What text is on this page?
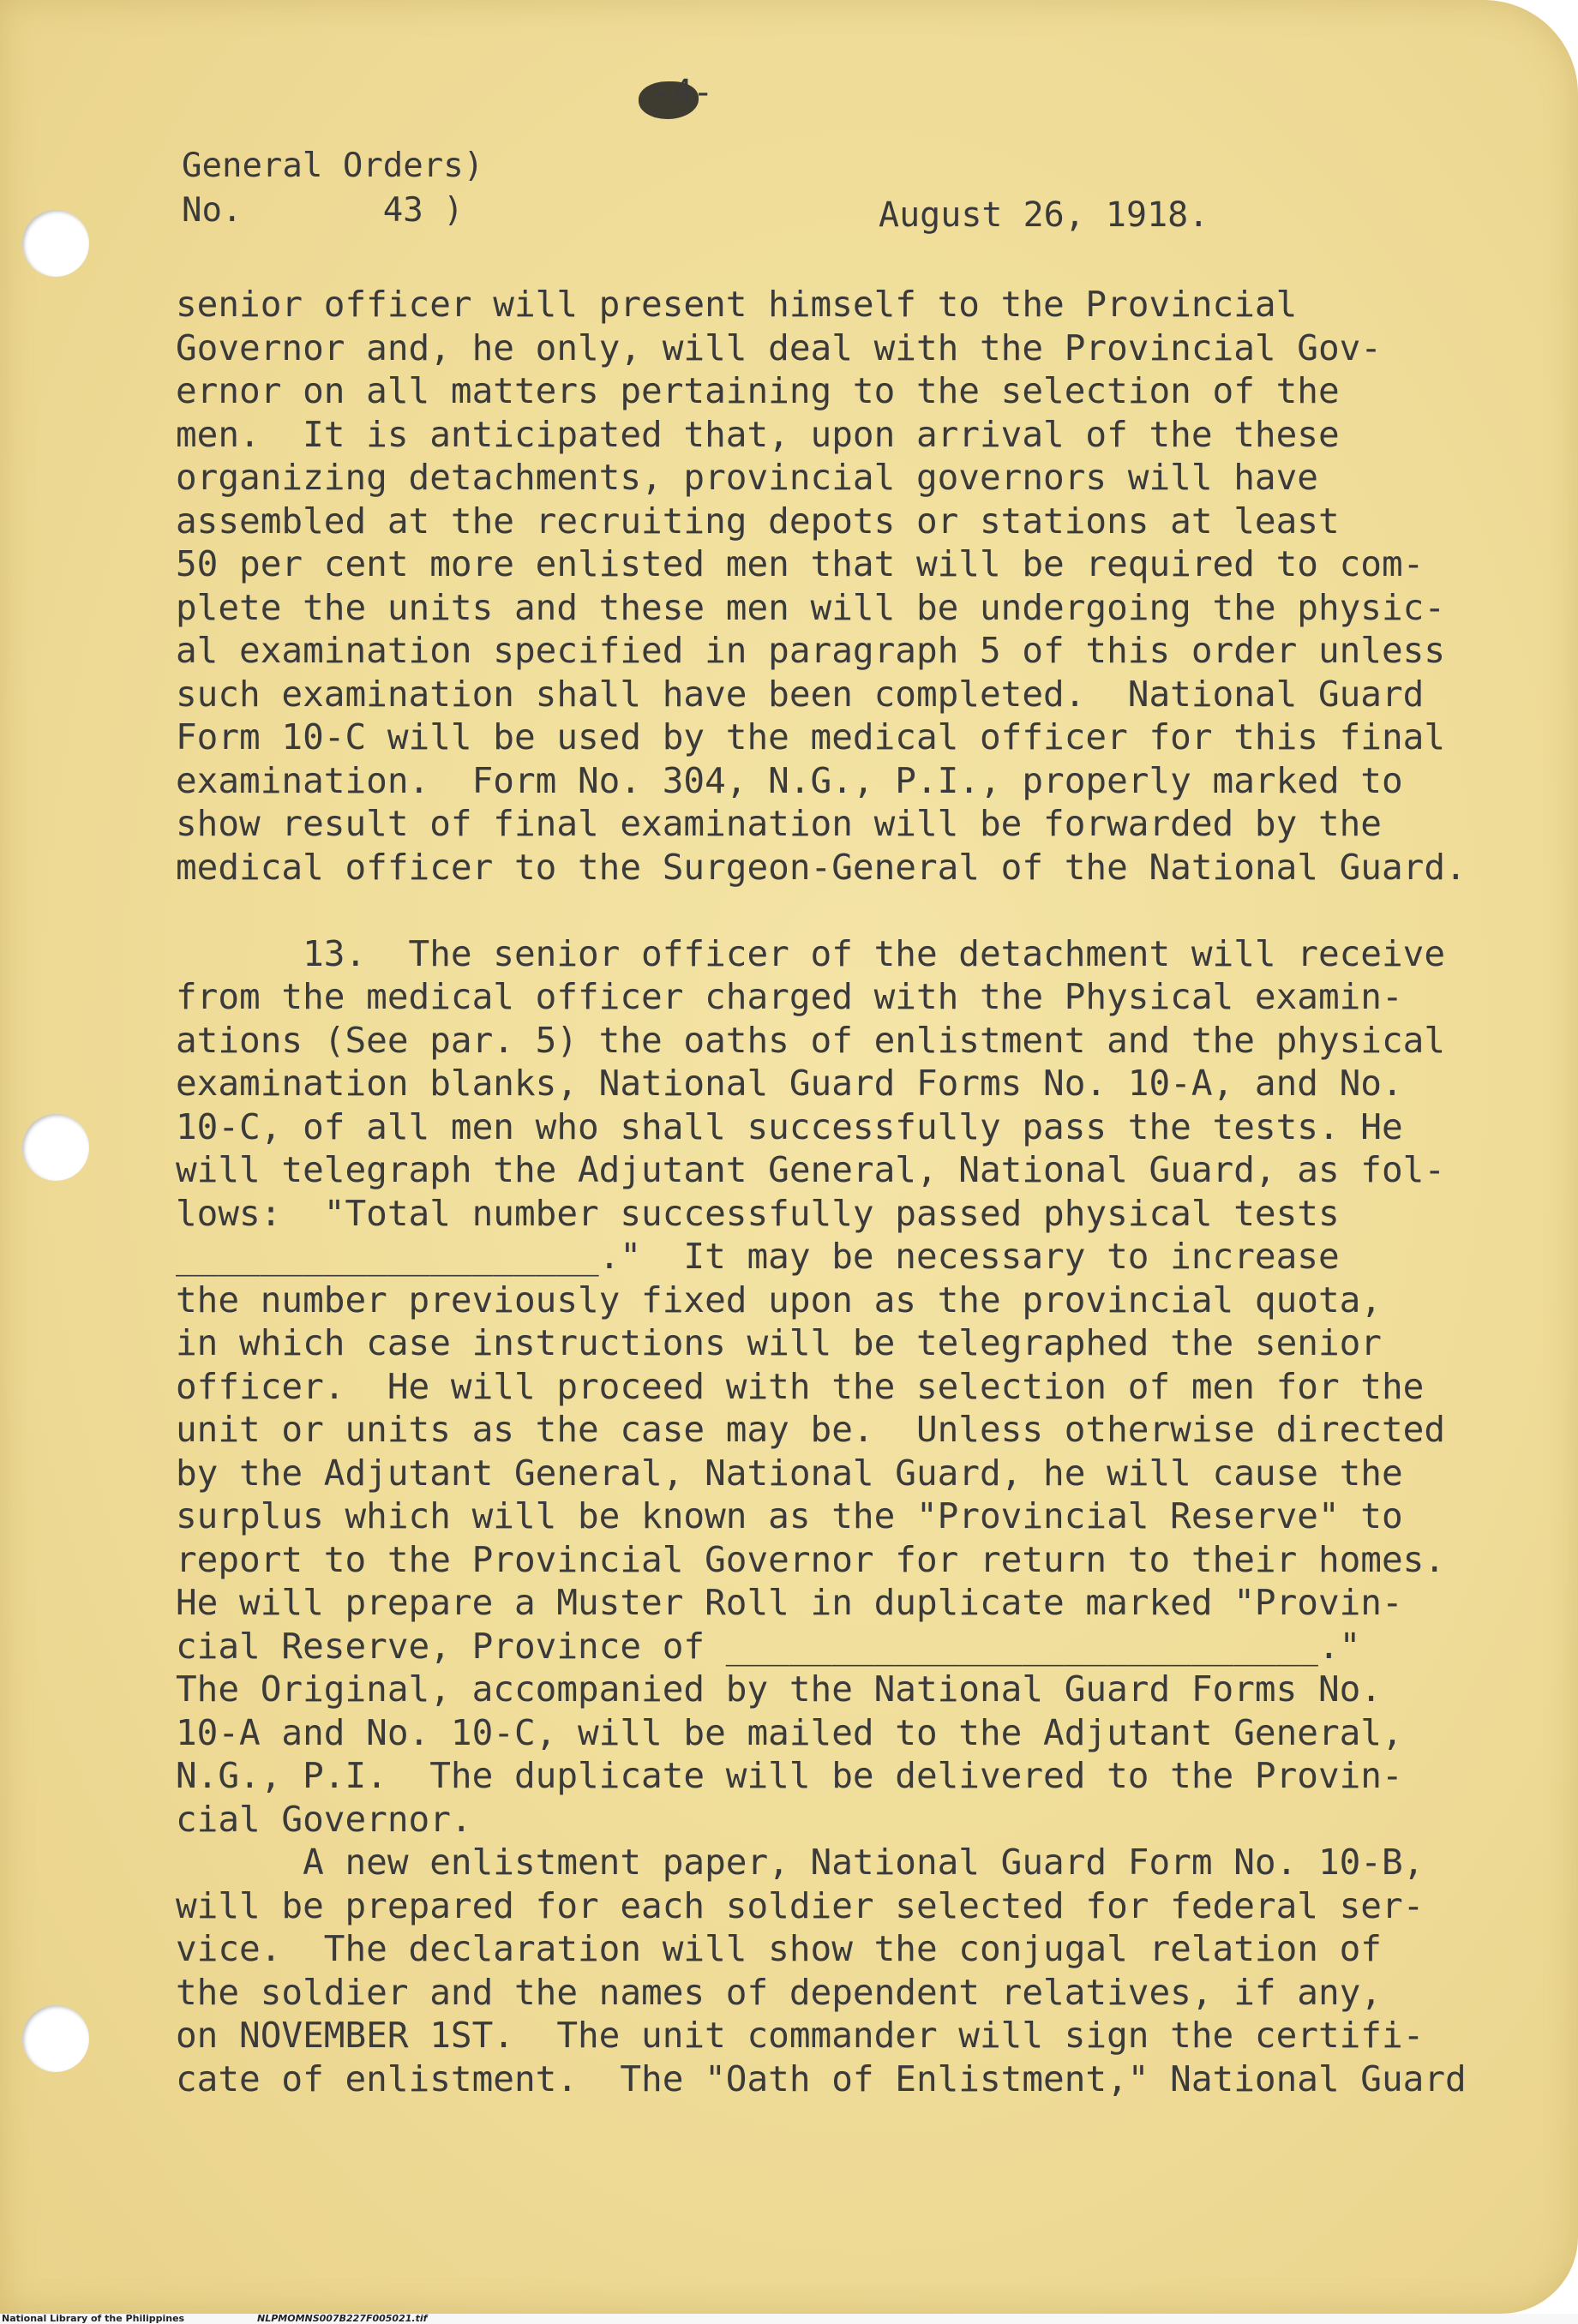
-4-
General Orders)
No.       43 )	August 26, 1918.
senior officer will present himself to the Provincial
Governor and, he only, will deal with the Provincial Gov-
ernor on all matters pertaining to the selection of the
men.  It is anticipated that, upon arrival of the these
organizing detachments, provincial governors will have
assembled at the recruiting depots or stations at least
50 per cent more enlisted men that will be required to com-
plete the units and these men will be undergoing the physic-
al examination specified in paragraph 5 of this order unless
such examination shall have been completed.  National Guard
Form 10-C will be used by the medical officer for this final
examination.  Form No. 304, N.G., P.I., properly marked to
show result of final examination will be forwarded by the
medical officer to the Surgeon-General of the National Guard.

13.  The senior officer of the detachment will receive
from the medical officer charged with the Physical examin-
ations (See par. 5) the oaths of enlistment and the physical
examination blanks, National Guard Forms No. 10-A, and No.
10-C, of all men who shall successfully pass the tests. He
will telegraph the Adjutant General, National Guard, as fol-
lows:  "Total number successfully passed physical tests
____________________."  It may be necessary to increase
the number previously fixed upon as the provincial quota,
in which case instructions will be telegraphed the senior
officer.  He will proceed with the selection of men for the
unit or units as the case may be.  Unless otherwise directed
by the Adjutant General, National Guard, he will cause the
surplus which will be known as the "Provincial Reserve" to
report to the Provincial Governor for return to their homes.
He will prepare a Muster Roll in duplicate marked "Provin-
cial Reserve, Province of ____________________________."
The Original, accompanied by the National Guard Forms No.
10-A and No. 10-C, will be mailed to the Adjutant General,
N.G., P.I.  The duplicate will be delivered to the Provin-
cial Governor.
A new enlistment paper, National Guard Form No. 10-B,
will be prepared for each soldier selected for federal ser-
vice.  The declaration will show the conjugal relation of
the soldier and the names of dependent relatives, if any,
on NOVEMBER 1ST.  The unit commander will sign the certifi-
cate of enlistment.  The "Oath of Enlistment," National Guard
National Library of the Philippines	NLPMOMNS007B227F005021.tif
